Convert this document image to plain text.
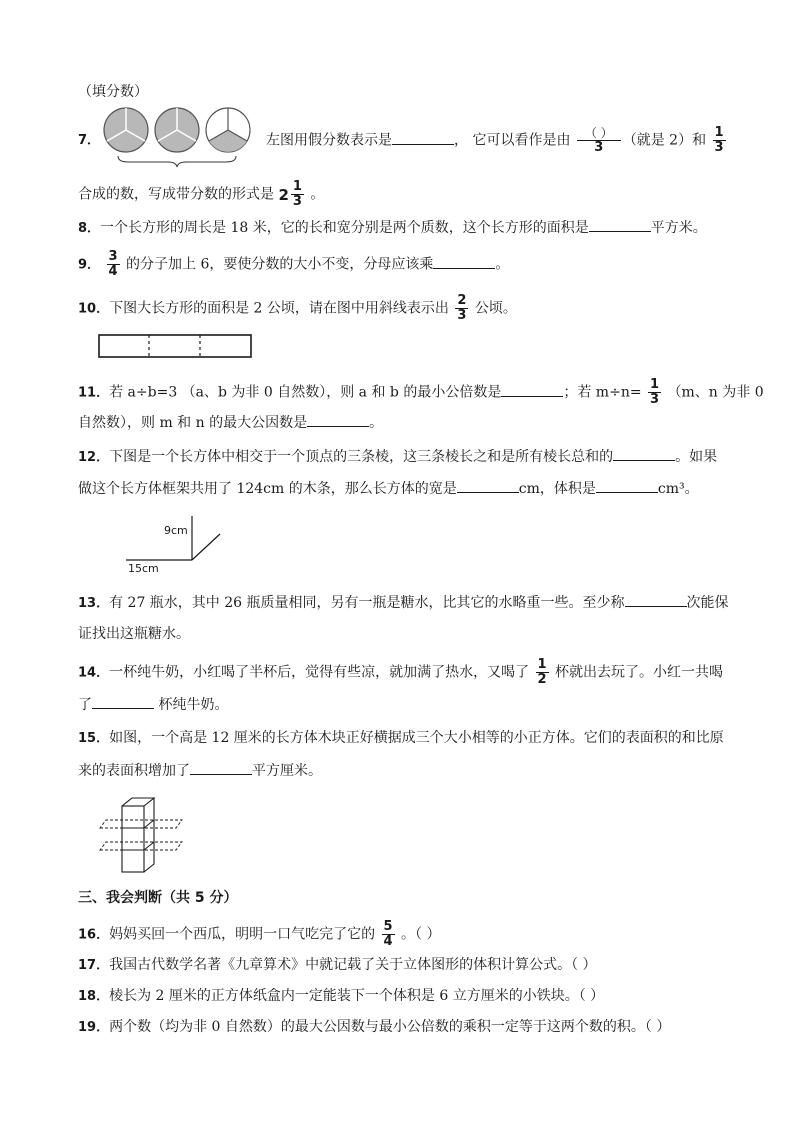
（填分数）
7．	左图用假分数表示是	， 它可以看作是由 $\frac{( )}{3}$ （就是 2）和 $\frac{1}{3}$
合成的数，写成带分数的形式是 $2 \frac{1}{3}$ 。
8．一个长方形的周长是 18 米，它的长和宽分别是两个质数，这个长方形的面积是	平方米。
9． $\frac{3}{4}$ 的分子加上 6，要使分数的大小不变，分母应该乘	。
10．下图大长方形的面积是 2 公顷，请在图中用斜线表示出 $\frac{2}{3}$ 公顷。
11．若 a÷b=3 （a、b 为非 0 自然数），则 a 和 b 的最小公倍数是	；若 $m\div n= \frac{1}{3} (m$、n 为非 0
自然数），则 m 和 n 的最大公因数是	。
12．下图是一个长方体中相交于一个顶点的三条棱，这三条棱长之和是所有棱长总和的	。如果
做这个长方体框架共用了 124cm 的木条，那么长方体的宽是	cm，体积是	cm³。
9cm
15cm
13．有 27 瓶水，其中 26 瓶质量相同，另有一瓶是糖水，比其它的水略重一些。至少称	次能保
证找出这瓶糖水。
14．一杯纯牛奶，小红喝了半杯后，觉得有些凉，就加满了热水，又喝了 $\frac{1}{2}$ 杯就出去玩了。小红一共喝
了	杯纯牛奶。
15．如图，一个高是 12 厘米的长方体木块正好横据成三个大小相等的小正方体。它们的表面积的和比原
来的表面积增加了	平方厘米。
三、我会判断（共 5 分）
16．妈妈买回一个西瓜，明明一口气吃完了它的 $\frac{5}{4}$ 。（ ）
17．我国古代数学名著《九章算术》中就记载了关于立体图形的体积计算公式。（ ）
18．棱长为 2 厘米的正方体纸盒内一定能装下一个体积是 6 立方厘米的小铁块。（ ）
19．两个数（均为非 0 自然数）的最大公因数与最小公倍数的乘积一定等于这两个数的积。（ ）
